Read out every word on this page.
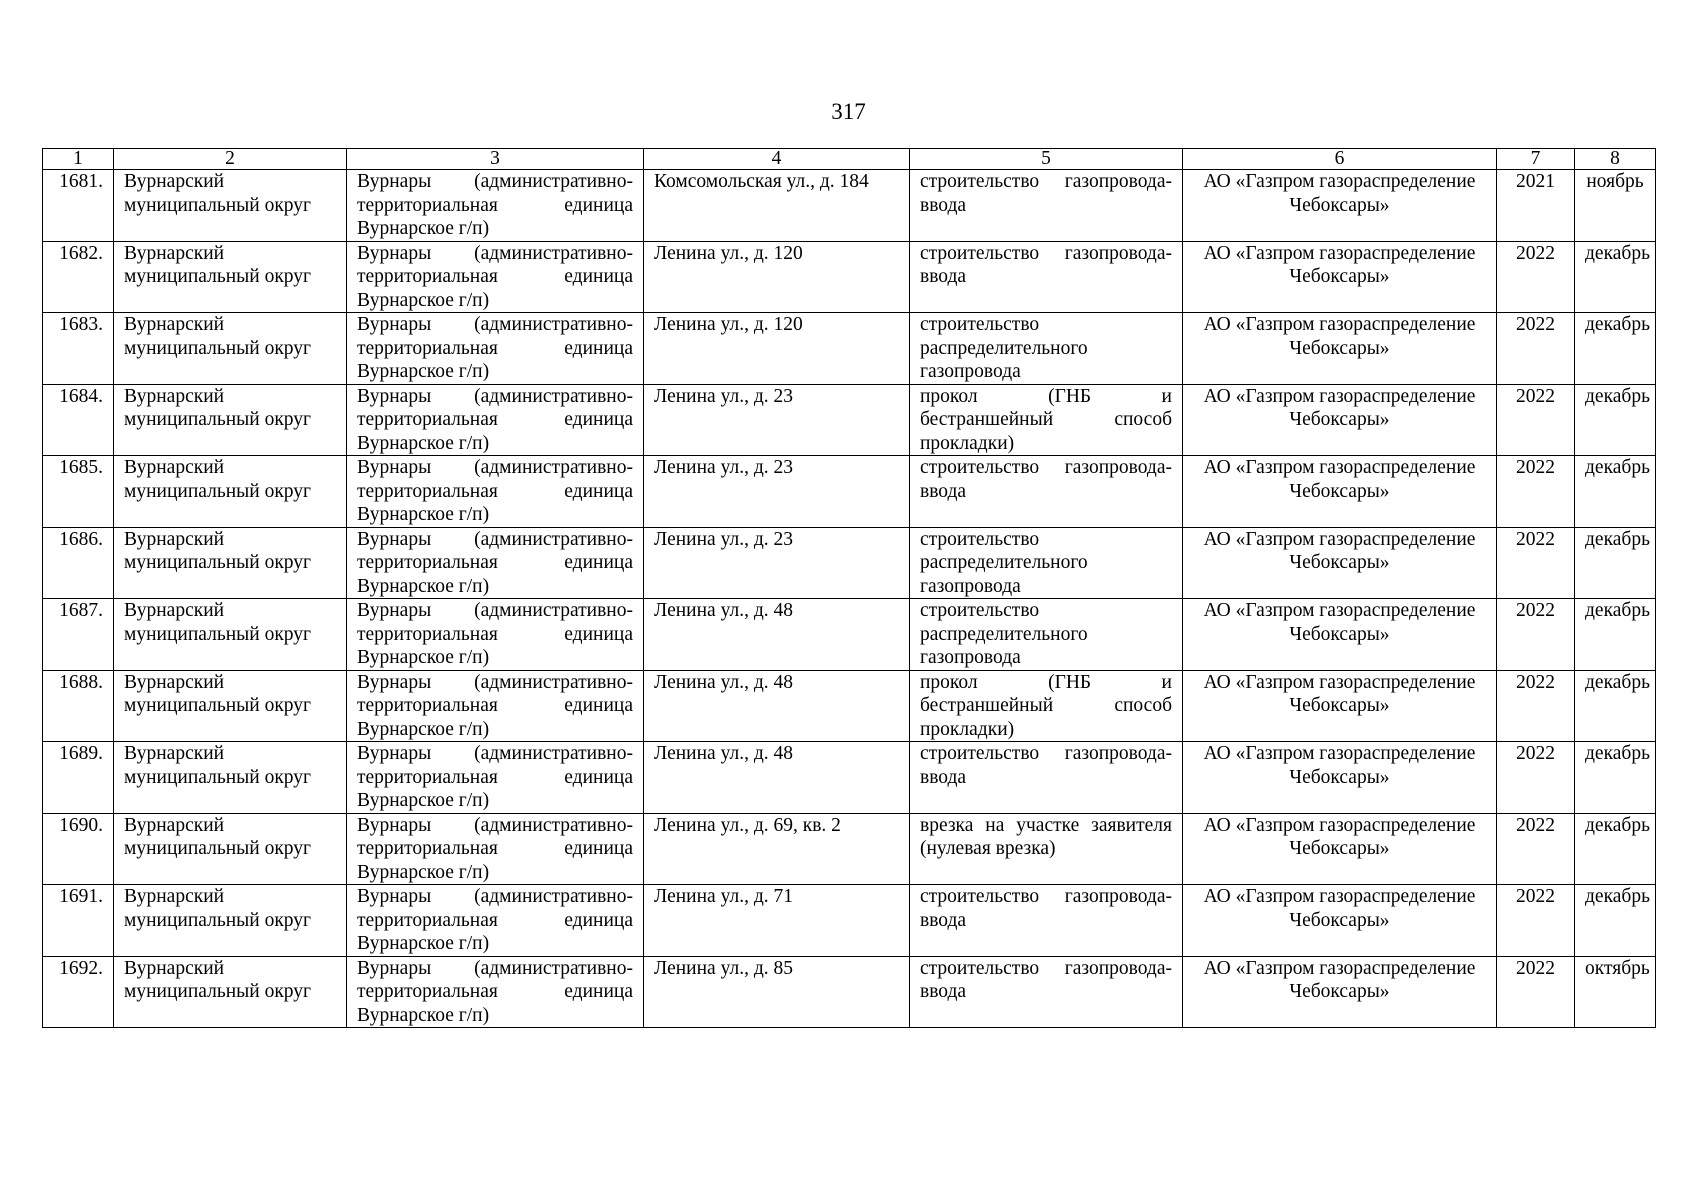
317
1	2	3	4	5	6	7	8
1681.	Вурнарский муниципальный округ	Вурнары (административно-территориальная единица Вурнарское г/п)	Комсомольская ул., д. 184	строительство газопровода-ввода	АО «Газпром газораспределение Чебоксары»	2021	ноябрь
1682.	Вурнарский муниципальный округ	Вурнары (административно-территориальная единица Вурнарское г/п)	Ленина ул., д. 120	строительство газопровода-ввода	АО «Газпром газораспределение Чебоксары»	2022	декабрь
1683.	Вурнарский муниципальный округ	Вурнары (административно-территориальная единица Вурнарское г/п)	Ленина ул., д. 120	строительство распределительного газопровода	АО «Газпром газораспределение Чебоксары»	2022	декабрь
1684.	Вурнарский муниципальный округ	Вурнары (административно-территориальная единица Вурнарское г/п)	Ленина ул., д. 23	прокол (ГНБ и бестраншейный способ прокладки)	АО «Газпром газораспределение Чебоксары»	2022	декабрь
1685.	Вурнарский муниципальный округ	Вурнары (административно-территориальная единица Вурнарское г/п)	Ленина ул., д. 23	строительство газопровода-ввода	АО «Газпром газораспределение Чебоксары»	2022	декабрь
1686.	Вурнарский муниципальный округ	Вурнары (административно-территориальная единица Вурнарское г/п)	Ленина ул., д. 23	строительство распределительного газопровода	АО «Газпром газораспределение Чебоксары»	2022	декабрь
1687.	Вурнарский муниципальный округ	Вурнары (административно-территориальная единица Вурнарское г/п)	Ленина ул., д. 48	строительство распределительного газопровода	АО «Газпром газораспределение Чебоксары»	2022	декабрь
1688.	Вурнарский муниципальный округ	Вурнары (административно-территориальная единица Вурнарское г/п)	Ленина ул., д. 48	прокол (ГНБ и бестраншейный способ прокладки)	АО «Газпром газораспределение Чебоксары»	2022	декабрь
1689.	Вурнарский муниципальный округ	Вурнары (административно-территориальная единица Вурнарское г/п)	Ленина ул., д. 48	строительство газопровода-ввода	АО «Газпром газораспределение Чебоксары»	2022	декабрь
1690.	Вурнарский муниципальный округ	Вурнары (административно-территориальная единица Вурнарское г/п)	Ленина ул., д. 69, кв. 2	врезка на участке заявителя (нулевая врезка)	АО «Газпром газораспределение Чебоксары»	2022	декабрь
1691.	Вурнарский муниципальный округ	Вурнары (административно-территориальная единица Вурнарское г/п)	Ленина ул., д. 71	строительство газопровода-ввода	АО «Газпром газораспределение Чебоксары»	2022	декабрь
1692.	Вурнарский муниципальный округ	Вурнары (административно-территориальная единица Вурнарское г/п)	Ленина ул., д. 85	строительство газопровода-ввода	АО «Газпром газораспределение Чебоксары»	2022	октябрь
